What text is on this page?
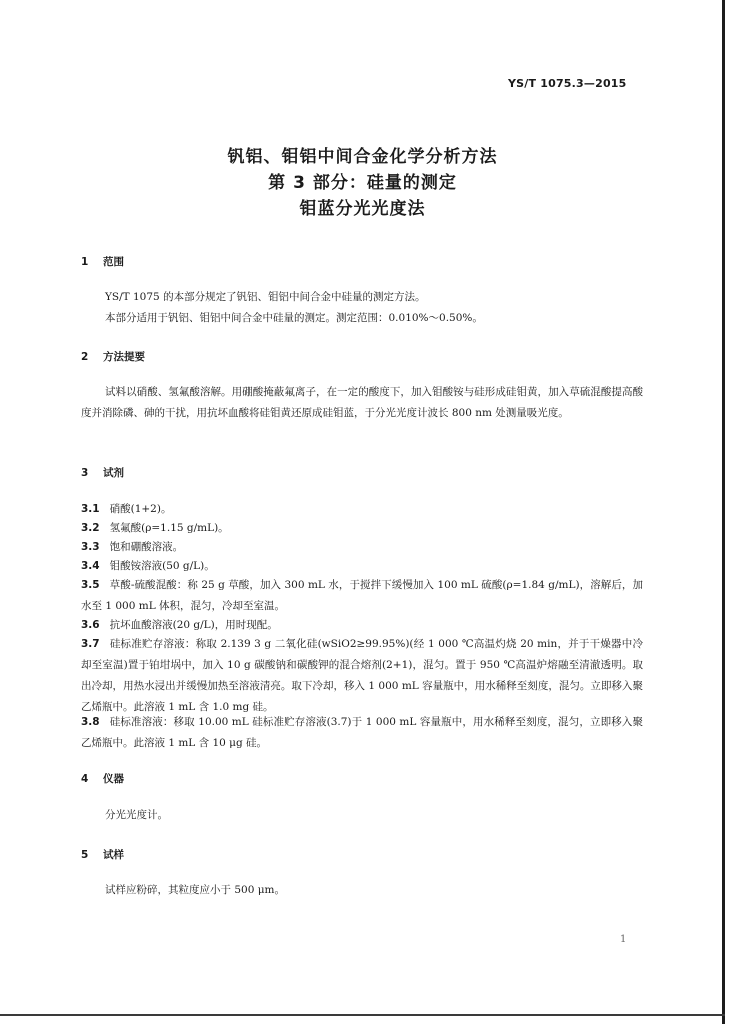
YS/T 1075.3—2015
钒铝、钼铝中间合金化学分析方法
第 3 部分：硅量的测定
钼蓝分光光度法
1 范围
YS/T 1075 的本部分规定了钒铝、钼铝中间合金中硅量的测定方法。
本部分适用于钒铝、钼铝中间合金中硅量的测定。测定范围：0.010%～0.50%。
2 方法提要
试料以硝酸、氢氟酸溶解。用硼酸掩蔽氟离子，在一定的酸度下，加入钼酸铵与硅形成硅钼黄，加入草硫混酸提高酸度并消除磷、砷的干扰，用抗坏血酸将硅钼黄还原成硅钼蓝，于分光光度计波长 800 nm 处测量吸光度。
3 试剂
3.1 硝酸(1+2)。
3.2 氢氟酸(ρ=1.15 g/mL)。
3.3 饱和硼酸溶液。
3.4 钼酸铵溶液(50 g/L)。
3.5 草酸-硫酸混酸：称 25 g 草酸，加入 300 mL 水，于搅拌下缓慢加入 100 mL 硫酸(ρ=1.84 g/mL)，溶解后，加水至 1 000 mL 体积，混匀，冷却至室温。
3.6 抗坏血酸溶液(20 g/L)，用时现配。
3.7 硅标准贮存溶液：称取 2.139 3 g 二氧化硅(wSiO2≥99.95%)(经 1 000 ℃高温灼烧 20 min，并于干燥器中冷却至室温)置于铂坩埚中，加入 10 g 碳酸钠和碳酸钾的混合熔剂(2+1)，混匀。置于 950 ℃高温炉熔融至清澈透明。取出冷却，用热水浸出并缓慢加热至溶液清亮。取下冷却，移入 1 000 mL 容量瓶中，用水稀释至刻度，混匀。立即移入聚乙烯瓶中。此溶液 1 mL 含 1.0 mg 硅。
3.8 硅标准溶液：移取 10.00 mL 硅标准贮存溶液(3.7)于 1 000 mL 容量瓶中，用水稀释至刻度，混匀，立即移入聚乙烯瓶中。此溶液 1 mL 含 10 μg 硅。
4 仪器
分光光度计。
5 试样
试样应粉碎，其粒度应小于 500 μm。
1
